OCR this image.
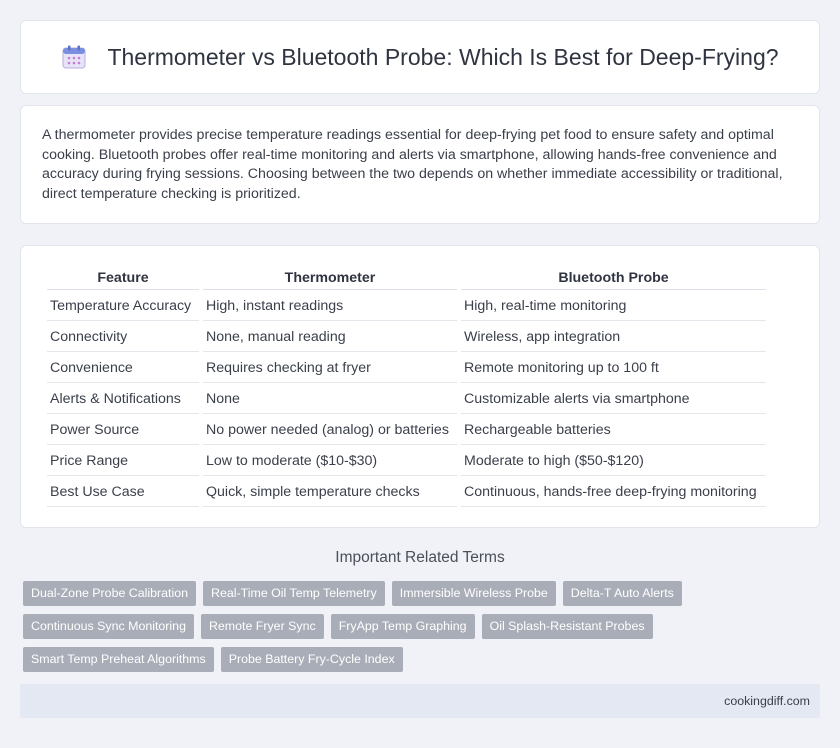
Thermometer vs Bluetooth Probe: Which Is Best for Deep-Frying?

A thermometer provides precise temperature readings essential for deep-frying pet food to ensure safety and optimal cooking. Bluetooth probes offer real-time monitoring and alerts via smartphone, allowing hands-free convenience and accuracy during frying sessions. Choosing between the two depends on whether immediate accessibility or traditional, direct temperature checking is prioritized.

Feature	Thermometer	Bluetooth Probe
Temperature Accuracy	High, instant readings	High, real-time monitoring
Connectivity	None, manual reading	Wireless, app integration
Convenience	Requires checking at fryer	Remote monitoring up to 100 ft
Alerts & Notifications	None	Customizable alerts via smartphone
Power Source	No power needed (analog) or batteries	Rechargeable batteries
Price Range	Low to moderate ($10-$30)	Moderate to high ($50-$120)
Best Use Case	Quick, simple temperature checks	Continuous, hands-free deep-frying monitoring
Important Related Terms
Dual-Zone Probe Calibration	Real-Time Oil Temp Telemetry	Immersible Wireless Probe	Delta-T Auto Alerts
Continuous Sync Monitoring	Remote Fryer Sync	FryApp Temp Graphing	Oil Splash-Resistant Probes
Smart Temp Preheat Algorithms	Probe Battery Fry-Cycle Index
cookingdiff.com
